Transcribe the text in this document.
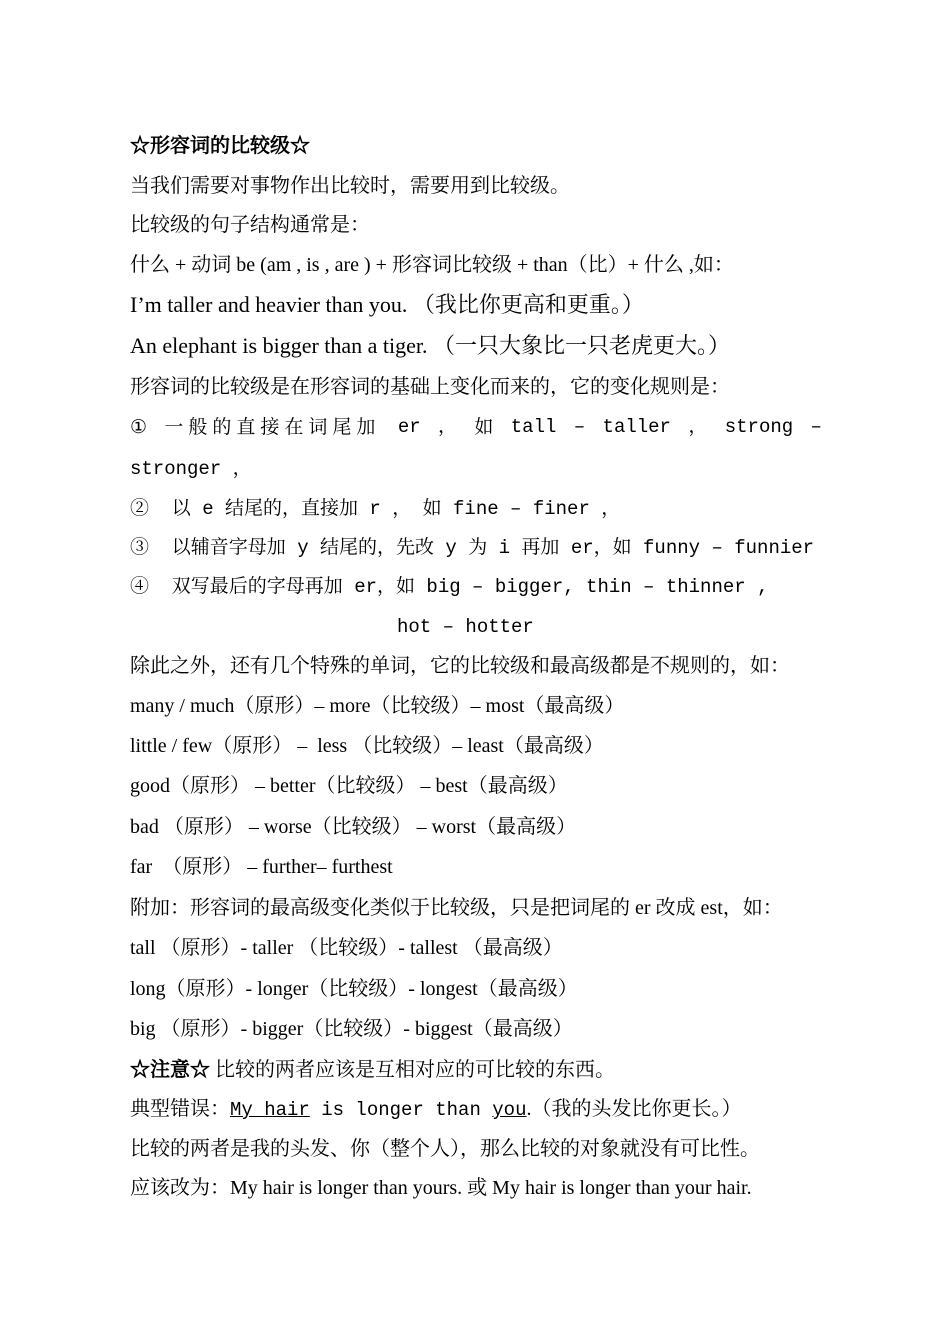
☆形容词的比较级☆
当我们需要对事物作出比较时，需要用到比较级。
比较级的句子结构通常是：
什么 + 动词 be (am , is , are ) + 形容词比较级 + than（比）+ 什么 ,如：
I’m taller and heavier than you. （我比你更高和更重。）
An elephant is bigger than a tiger. （一只大象比一只老虎更大。）
形容词的比较级是在形容词的基础上变化而来的，它的变化规则是：
① 一般的直接在词尾加 er ， 如 tall – taller ， strong –
stronger ，
②  以 e 结尾的，直接加 r ， 如 fine – finer ，
③  以辅音字母加 y 结尾的，先改 y 为 i 再加 er，如 funny – funnier
④  双写最后的字母再加 er，如 big – bigger, thin – thinner ,
hot – hotter
除此之外，还有几个特殊的单词，它的比较级和最高级都是不规则的，如：
many / much（原形）– more（比较级）– most（最高级）
little / few（原形） –  less （比较级）– least（最高级）
good（原形） – better（比较级） – best（最高级）
bad （原形） – worse（比较级） – worst（最高级）
far  （原形） – further– furthest
附加：形容词的最高级变化类似于比较级，只是把词尾的 er 改成 est，如：
tall （原形）- taller （比较级）- tallest （最高级）
long（原形）- longer（比较级）- longest（最高级）
big （原形）- bigger（比较级）- biggest（最高级）
☆注意☆ 比较的两者应该是互相对应的可比较的东西。
典型错误：My hair is longer than you.（我的头发比你更长。）
比较的两者是我的头发、你（整个人），那么比较的对象就没有可比性。
应该改为：My hair is longer than yours. 或 My hair is longer than your hair.
